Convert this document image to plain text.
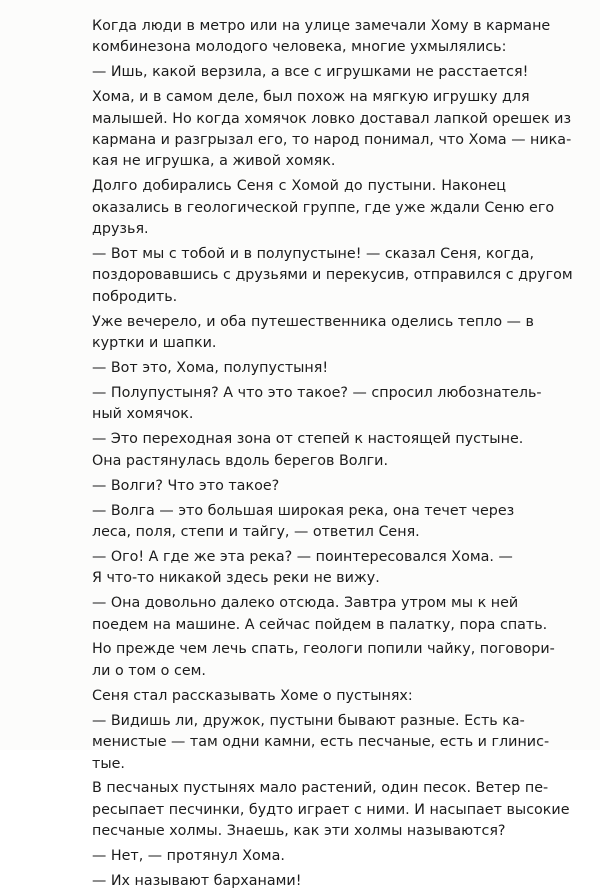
Когда люди в метро или на улице замечали Хому в кармане
комбинезона молодого человека, многие ухмылялись:
— Ишь, какой верзила, а все с игрушками не расстается!
Хома, и в самом деле, был похож на мягкую игрушку для
малышей. Но когда хомячок ловко доставал лапкой орешек из
кармана и разгрызал его, то народ понимал, что Хома — ника-
кая не игрушка, а живой хомяк.
Долго добирались Сеня с Хомой до пустыни. Наконец
оказались в геологической группе, где уже ждали Сеню его
друзья.
— Вот мы с тобой и в полупустыне! — сказал Сеня, когда,
поздоровавшись с друзьями и перекусив, отправился с другом
побродить.
Уже вечерело, и оба путешественника оделись тепло — в
куртки и шапки.
— Вот это, Хома, полупустыня!
— Полупустыня? А что это такое? — спросил любознатель-
ный хомячок.
— Это переходная зона от степей к настоящей пустыне.
Она растянулась вдоль берегов Волги.
— Волги? Что это такое?
— Волга — это большая широкая река, она течет через
леса, поля, степи и тайгу, — ответил Сеня.
— Ого! А где же эта река? — поинтересовался Хома. —
Я что-то никакой здесь реки не вижу.
— Она довольно далеко отсюда. Завтра утром мы к ней
поедем на машине. А сейчас пойдем в палатку, пора спать.
Но прежде чем лечь спать, геологи попили чайку, поговори-
ли о том о сем.
Сеня стал рассказывать Хоме о пустынях:
— Видишь ли, дружок, пустыни бывают разные. Есть ка-
менистые — там одни камни, есть песчаные, есть и глинис-
тые.
В песчаных пустынях мало растений, один песок. Ветер пе-
ресыпает песчинки, будто играет с ними. И насыпает высокие
песчаные холмы. Знаешь, как эти холмы называются?
— Нет, — протянул Хома.
— Их называют барханами!
